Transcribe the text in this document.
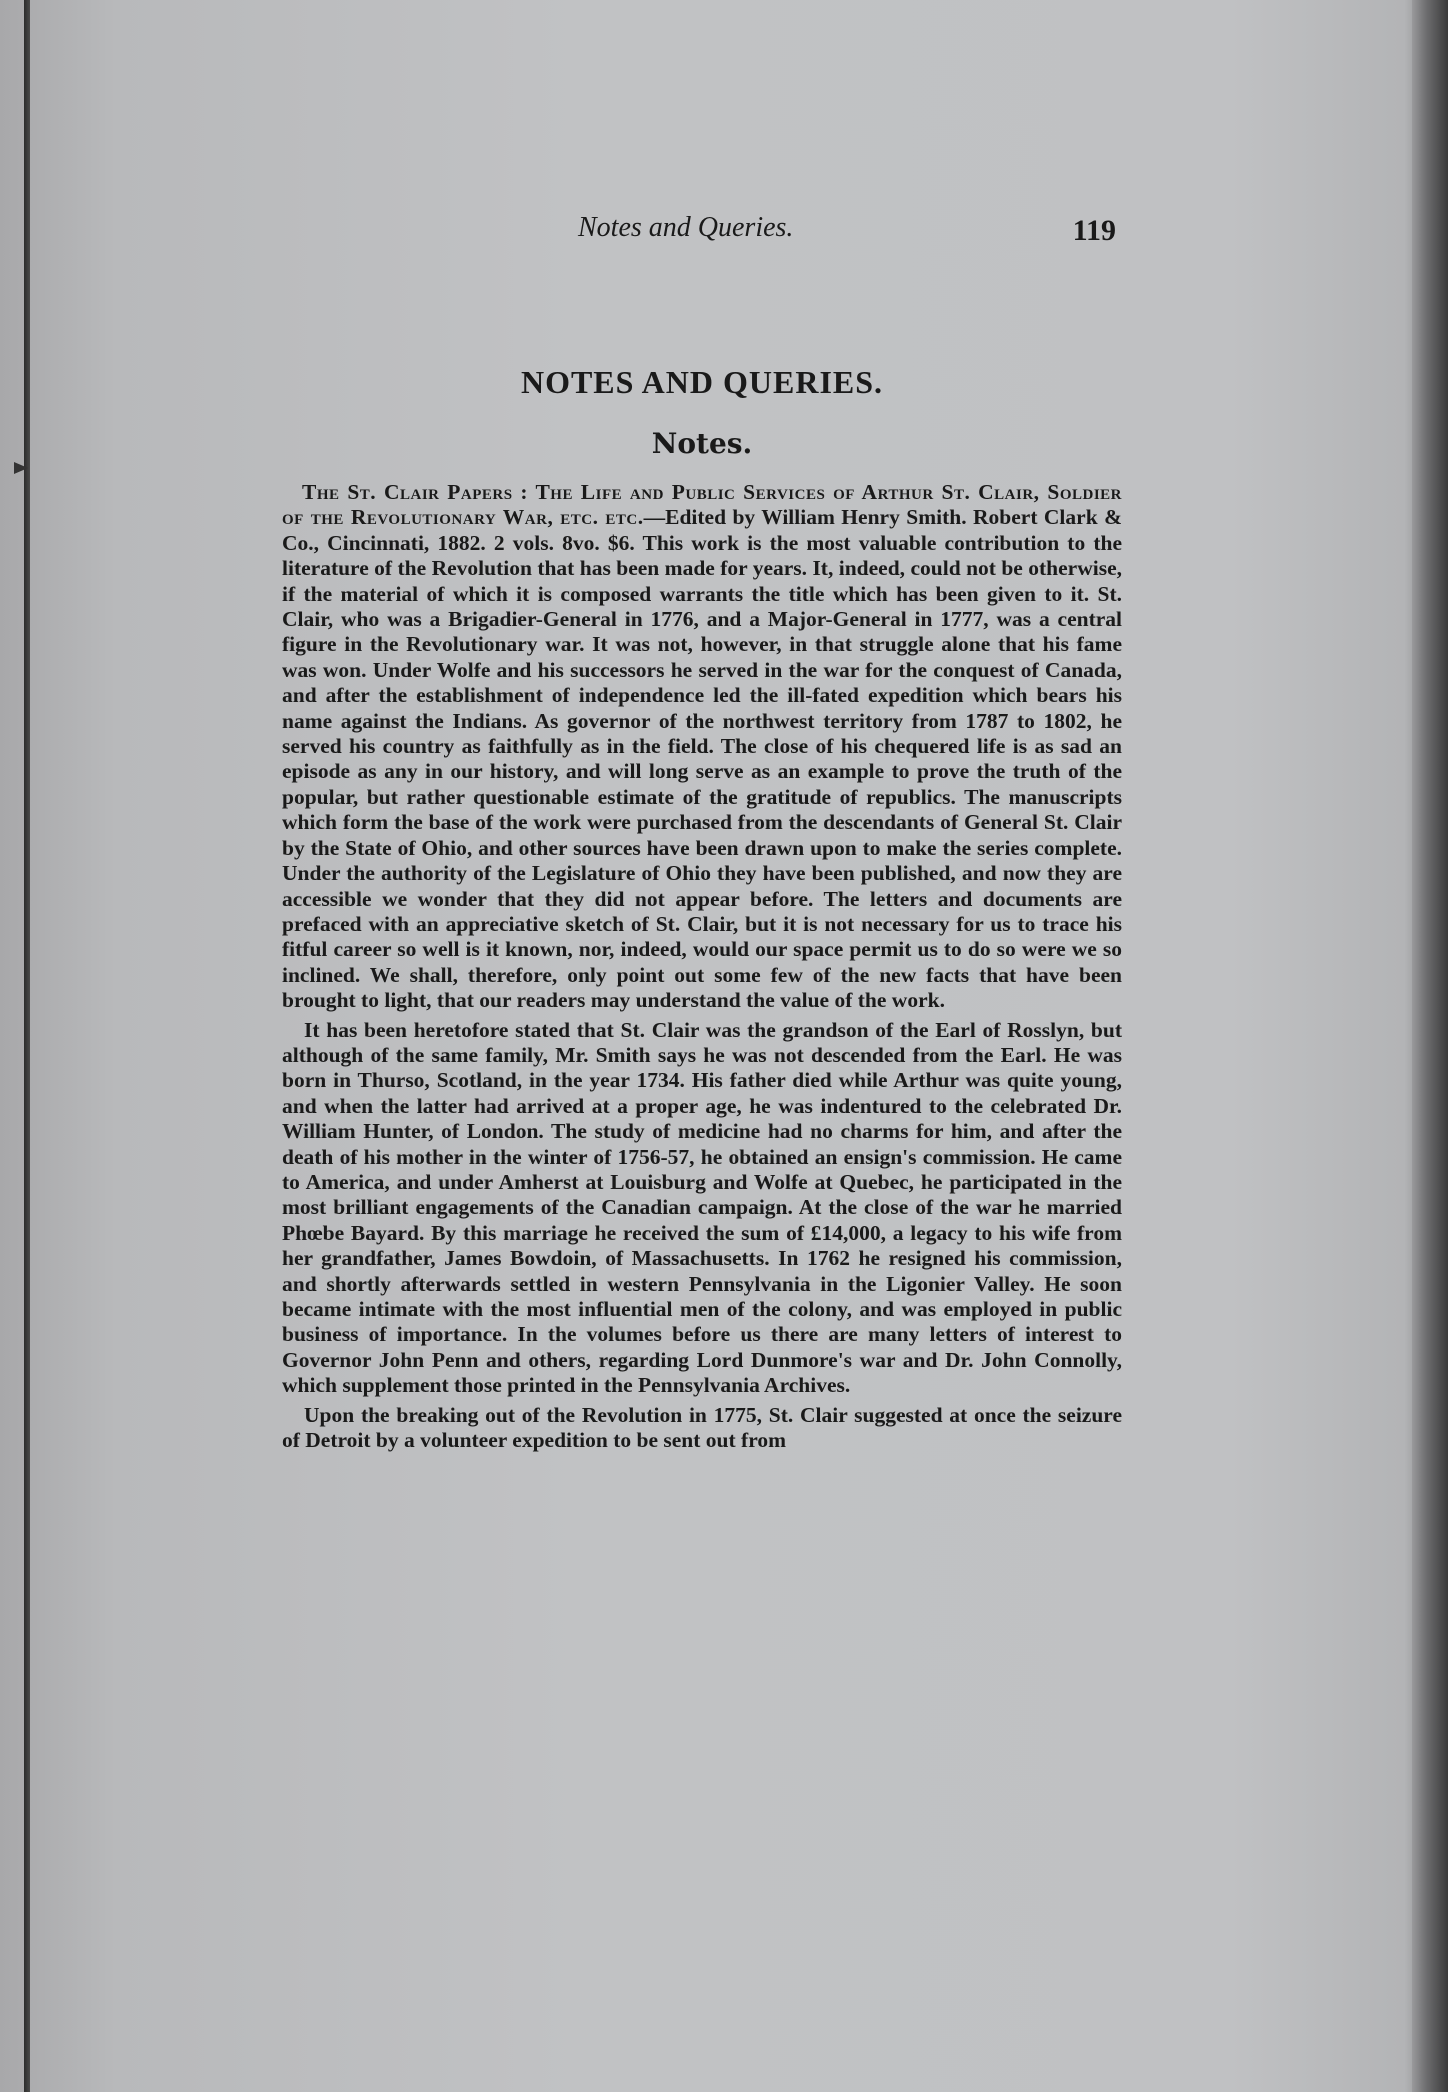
Notes and Queries.	119
NOTES AND QUERIES.
Notes.

The St. Clair Papers : The Life and Public Services of Arthur St. Clair, Soldier of the Revolutionary War, etc. etc.—Edited by William Henry Smith. Robert Clark & Co., Cincinnati, 1882. 2 vols. 8vo. $6. This work is the most valuable contribution to the literature of the Revolution that has been made for years. It, indeed, could not be otherwise, if the material of which it is composed warrants the title which has been given to it. St. Clair, who was a Brigadier-General in 1776, and a Major-General in 1777, was a central figure in the Revolutionary war. It was not, however, in that struggle alone that his fame was won. Under Wolfe and his successors he served in the war for the conquest of Canada, and after the establishment of independence led the ill-fated expedition which bears his name against the Indians. As governor of the northwest territory from 1787 to 1802, he served his country as faithfully as in the field. The close of his chequered life is as sad an episode as any in our history, and will long serve as an example to prove the truth of the popular, but rather questionable estimate of the gratitude of republics. The manuscripts which form the base of the work were purchased from the descendants of General St. Clair by the State of Ohio, and other sources have been drawn upon to make the series complete. Under the authority of the Legislature of Ohio they have been published, and now they are accessible we wonder that they did not appear before. The letters and documents are prefaced with an appreciative sketch of St. Clair, but it is not necessary for us to trace his fitful career so well is it known, nor, indeed, would our space permit us to do so were we so inclined. We shall, therefore, only point out some few of the new facts that have been brought to light, that our readers may understand the value of the work.

It has been heretofore stated that St. Clair was the grandson of the Earl of Rosslyn, but although of the same family, Mr. Smith says he was not descended from the Earl. He was born in Thurso, Scotland, in the year 1734. His father died while Arthur was quite young, and when the latter had arrived at a proper age, he was indentured to the celebrated Dr. William Hunter, of London. The study of medicine had no charms for him, and after the death of his mother in the winter of 1756-57, he obtained an ensign's commission. He came to America, and under Amherst at Louisburg and Wolfe at Quebec, he participated in the most brilliant engagements of the Canadian campaign. At the close of the war he married Phœbe Bayard. By this marriage he received the sum of £14,000, a legacy to his wife from her grandfather, James Bowdoin, of Massachusetts. In 1762 he resigned his commission, and shortly afterwards settled in western Pennsylvania in the Ligonier Valley. He soon became intimate with the most influential men of the colony, and was employed in public business of importance. In the volumes before us there are many letters of interest to Governor John Penn and others, regarding Lord Dunmore's war and Dr. John Connolly, which supplement those printed in the Pennsylvania Archives.

Upon the breaking out of the Revolution in 1775, St. Clair suggested at once the seizure of Detroit by a volunteer expedition to be sent out from
